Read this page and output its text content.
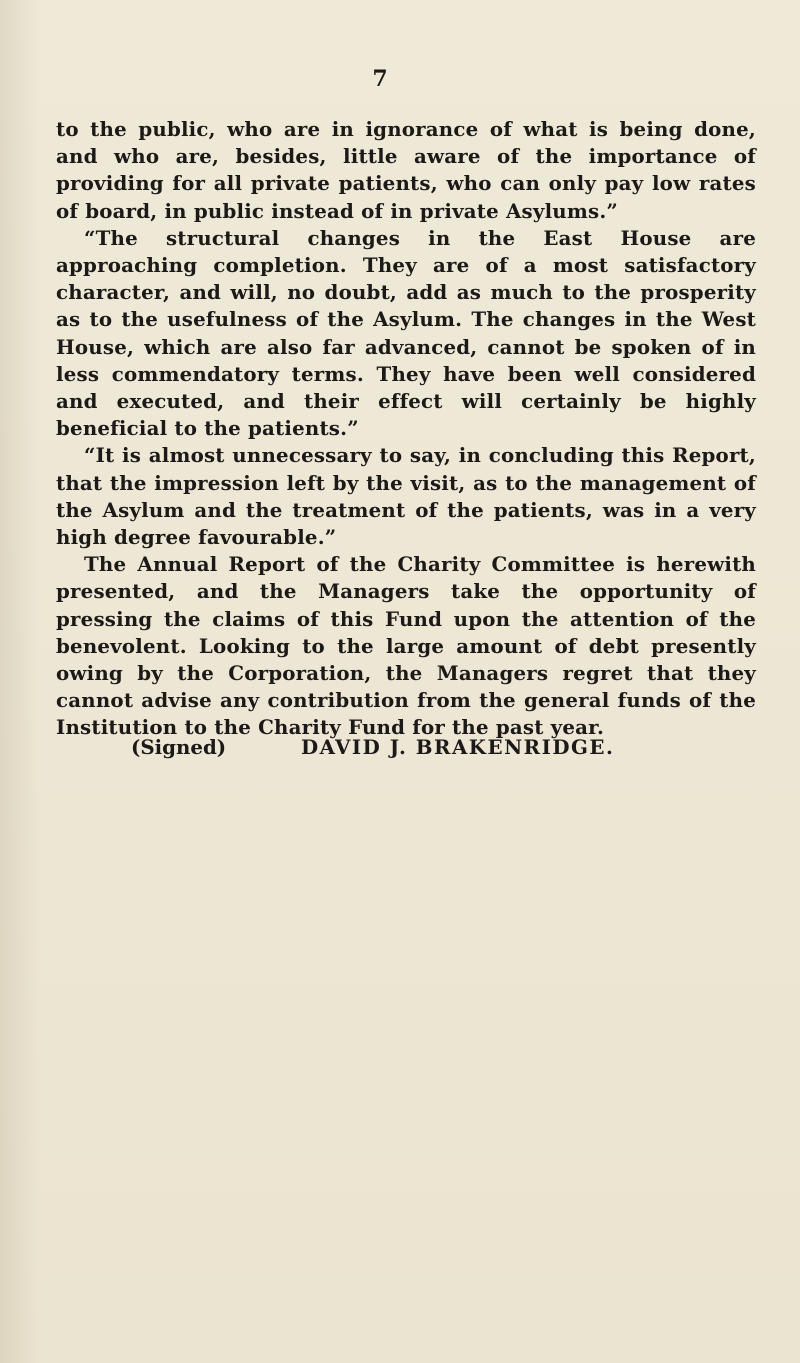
7

to the public, who are in ignorance of what is being done, and who are, besides, little aware of the importance of providing for all private patients, who can only pay low rates of board, in public instead of in private Asylums.”

“The structural changes in the East House are approaching completion. They are of a most satisfactory character, and will, no doubt, add as much to the prosperity as to the usefulness of the Asylum. The changes in the West House, which are also far advanced, cannot be spoken of in less commendatory terms. They have been well considered and executed, and their effect will certainly be highly beneficial to the patients.”

“It is almost unnecessary to say, in concluding this Report, that the impression left by the visit, as to the management of the Asylum and the treatment of the patients, was in a very high degree favourable.”

The Annual Report of the Charity Committee is herewith presented, and the Managers take the opportunity of pressing the claims of this Fund upon the attention of the benevolent. Looking to the large amount of debt presently owing by the Corporation, the Managers regret that they cannot advise any contribution from the general funds of the Institution to the Charity Fund for the past year.

(Signed)	DAVID J. BRAKENRIDGE.
